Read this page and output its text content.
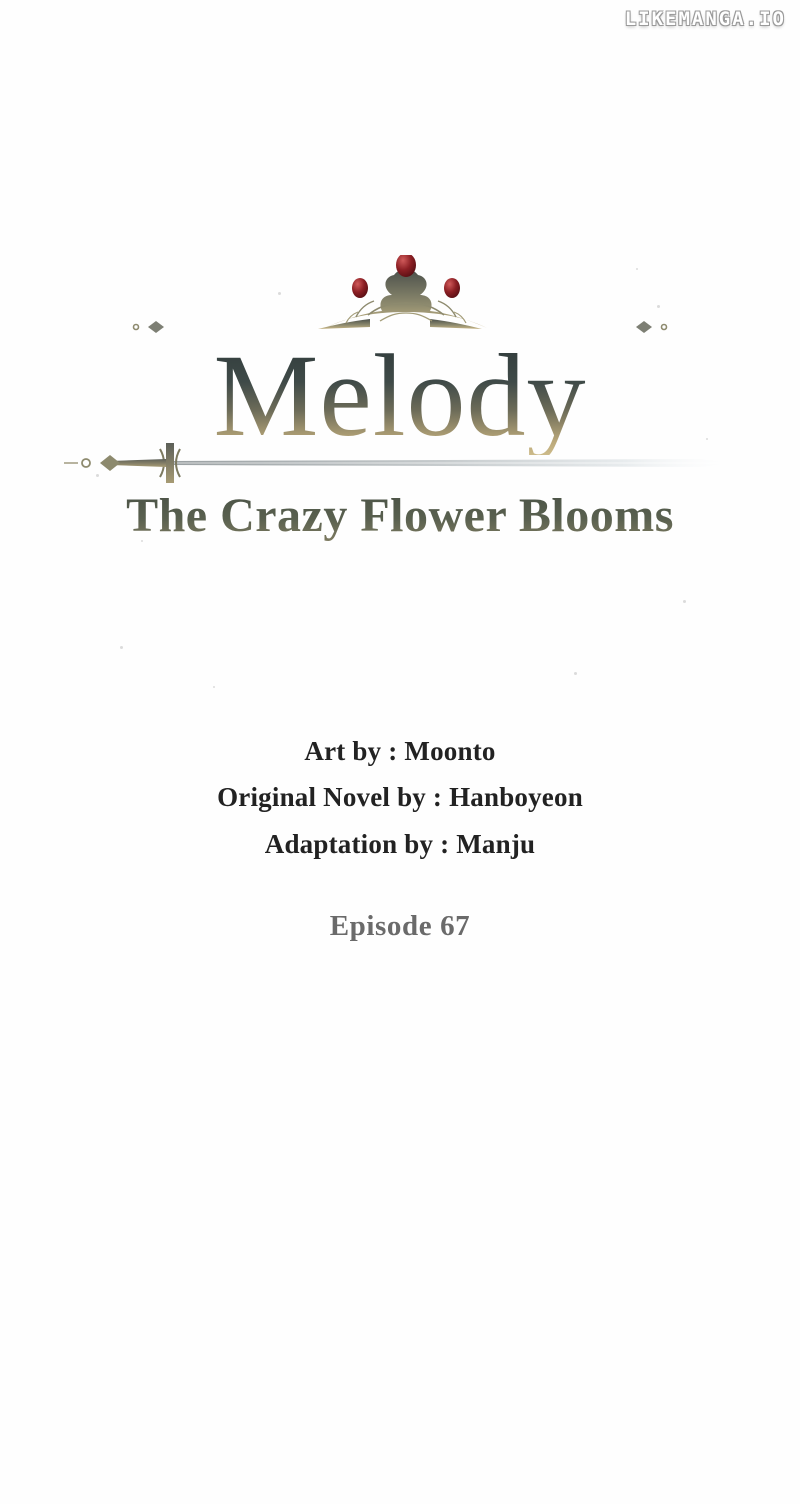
LIKEMANGA.IO
Melody
The Crazy Flower Blooms
Art by : Moonto
Original Novel by : Hanboyeon
Adaptation by : Manju
Episode 67
